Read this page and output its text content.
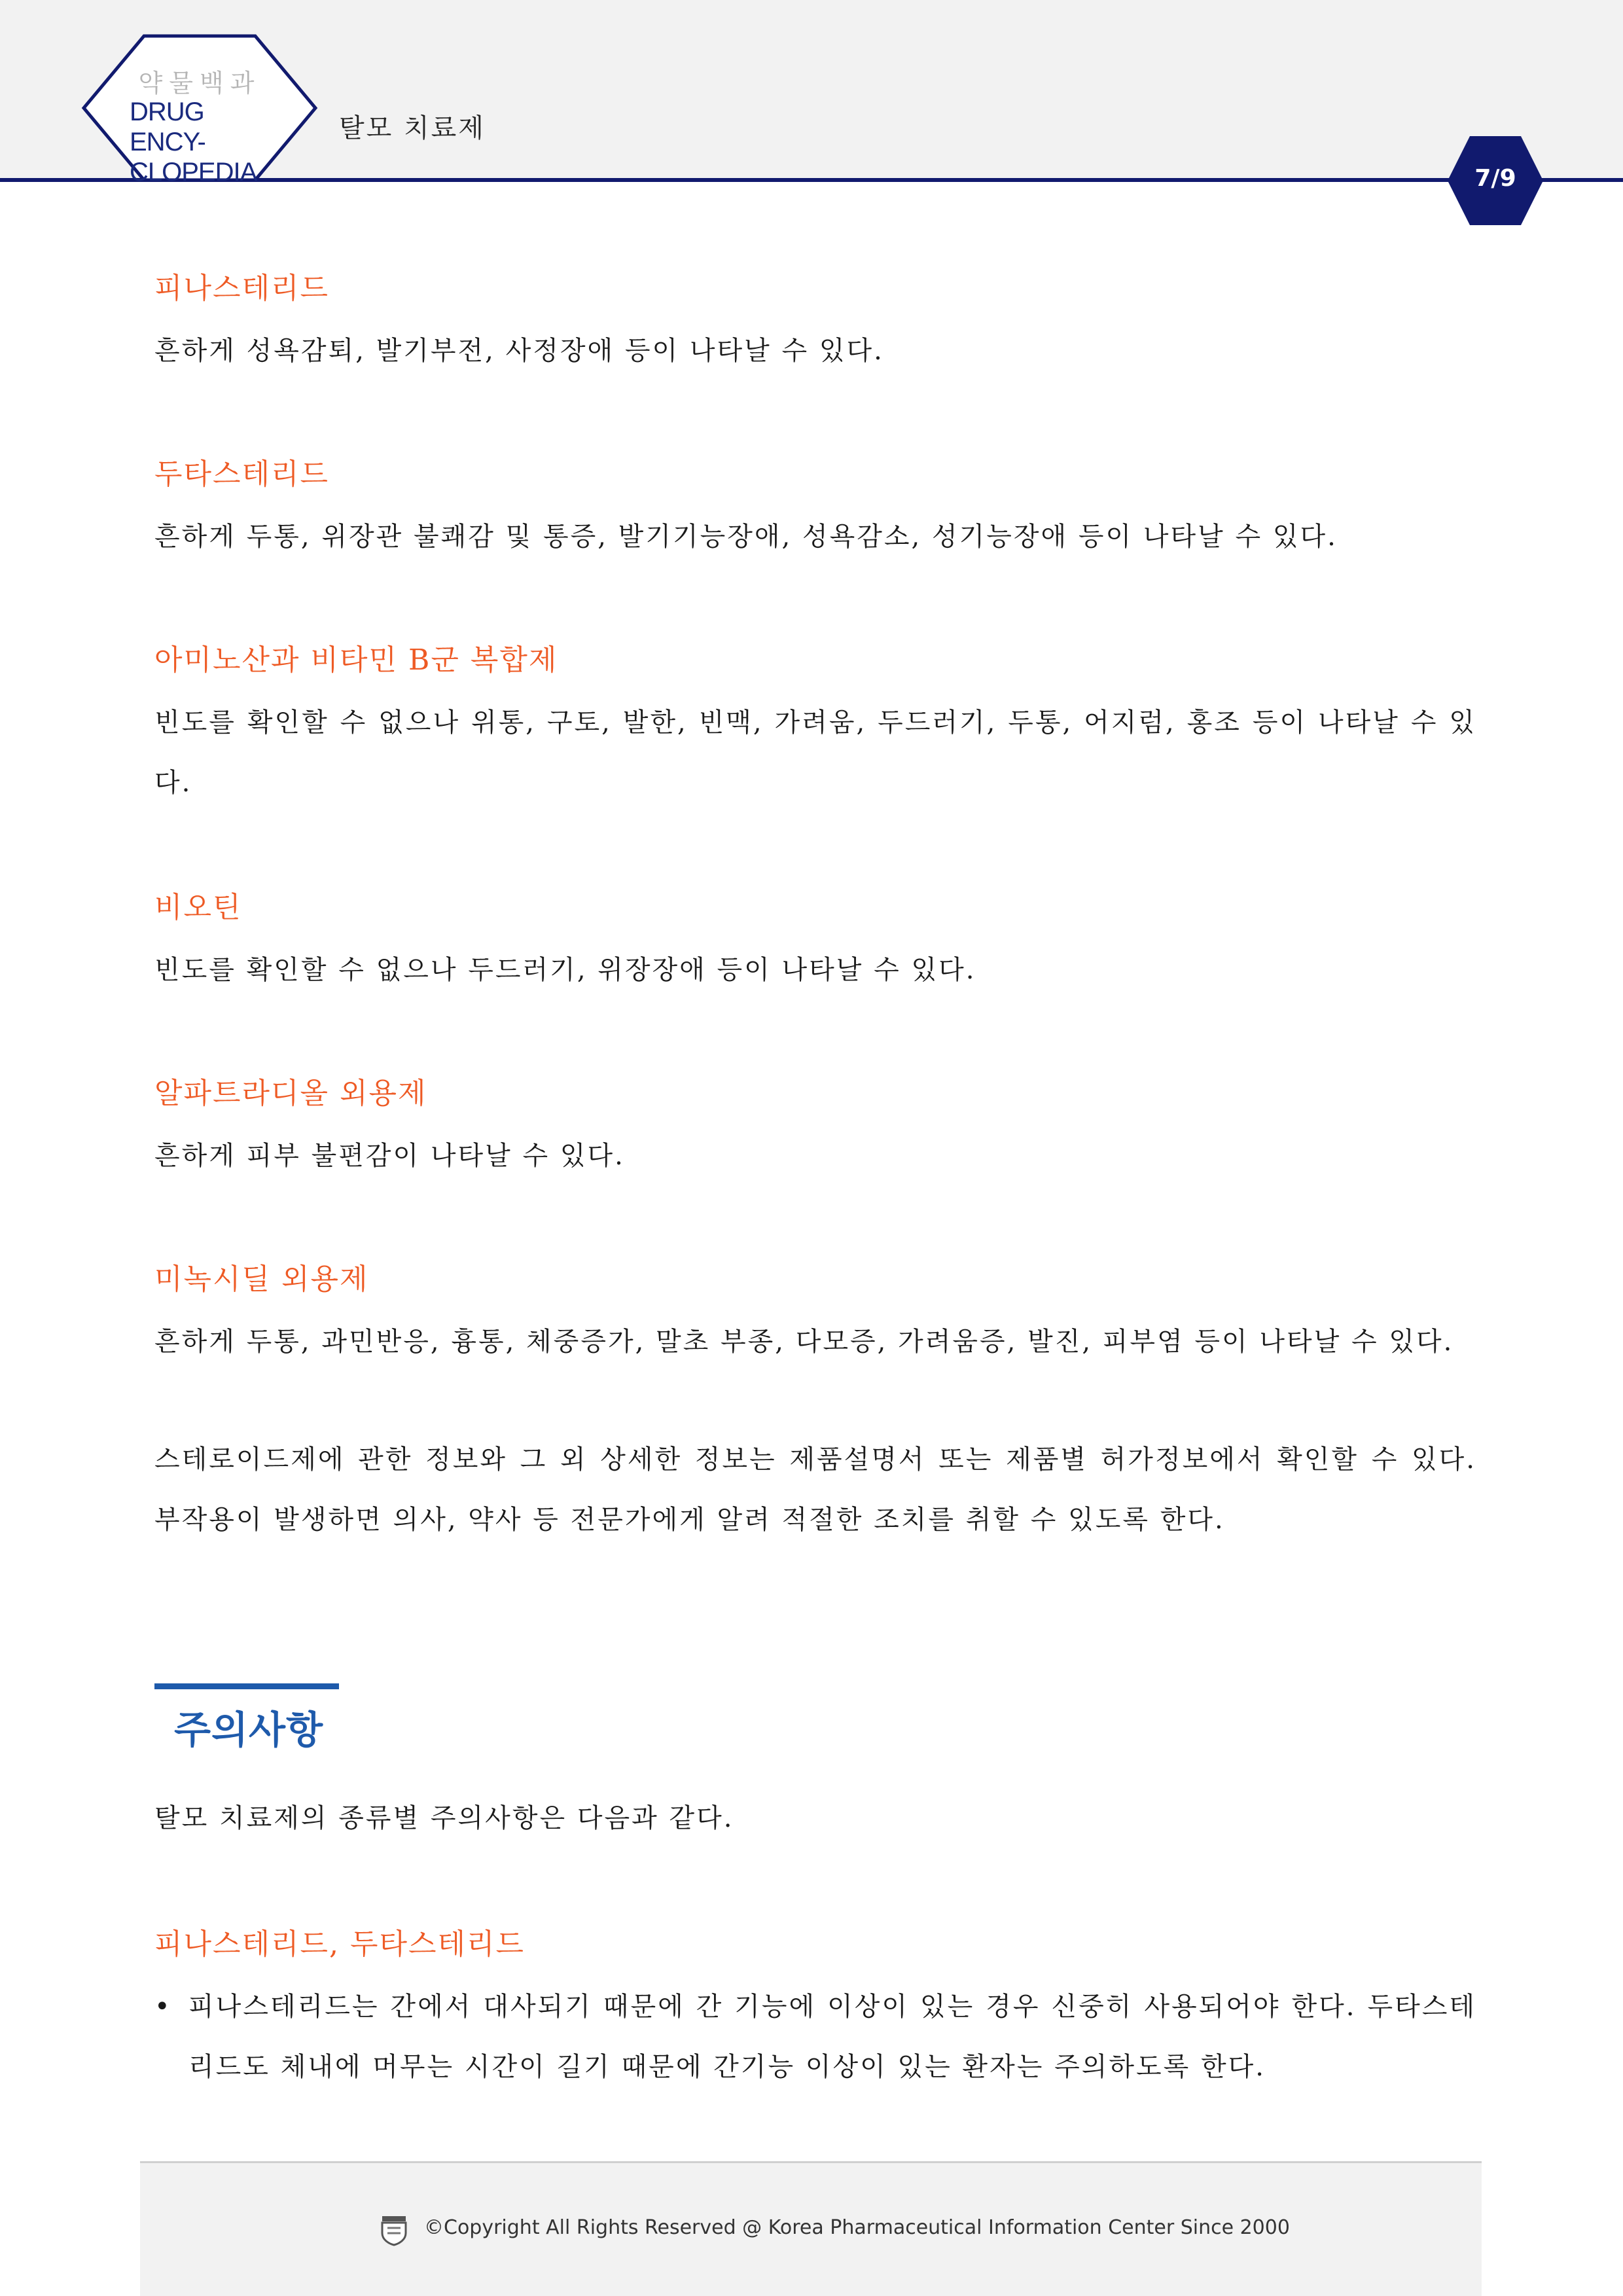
약물백과
DRUG ENCY-
CLOPEDIA
탈모 치료제
7/9
피나스테리드
흔하게 성욕감퇴, 발기부전, 사정장애 등이 나타날 수 있다.
두타스테리드
흔하게 두통, 위장관 불쾌감 및 통증, 발기기능장애, 성욕감소, 성기능장애 등이 나타날 수 있다.
아미노산과 비타민 B군 복합제
빈도를 확인할 수 없으나 위통, 구토, 발한, 빈맥, 가려움, 두드러기, 두통, 어지럼, 홍조 등이 나타날 수 있다.
비오틴
빈도를 확인할 수 없으나 두드러기, 위장장애 등이 나타날 수 있다.
알파트라디올 외용제
흔하게 피부 불편감이 나타날 수 있다.
미녹시딜 외용제
흔하게 두통, 과민반응, 흉통, 체중증가, 말초 부종, 다모증, 가려움증, 발진, 피부염 등이 나타날 수 있다.
스테로이드제에 관한 정보와 그 외 상세한 정보는 제품설명서 또는 제품별 허가정보에서 확인할 수 있다. 부작용이 발생하면 의사, 약사 등 전문가에게 알려 적절한 조치를 취할 수 있도록 한다.
주의사항
탈모 치료제의 종류별 주의사항은 다음과 같다.
피나스테리드, 두타스테리드
• 피나스테리드는 간에서 대사되기 때문에 간 기능에 이상이 있는 경우 신중히 사용되어야 한다. 두타스테리드도 체내에 머무는 시간이 길기 때문에 간기능 이상이 있는 환자는 주의하도록 한다.
©Copyright All Rights Reserved @ Korea Pharmaceutical Information Center Since 2000
